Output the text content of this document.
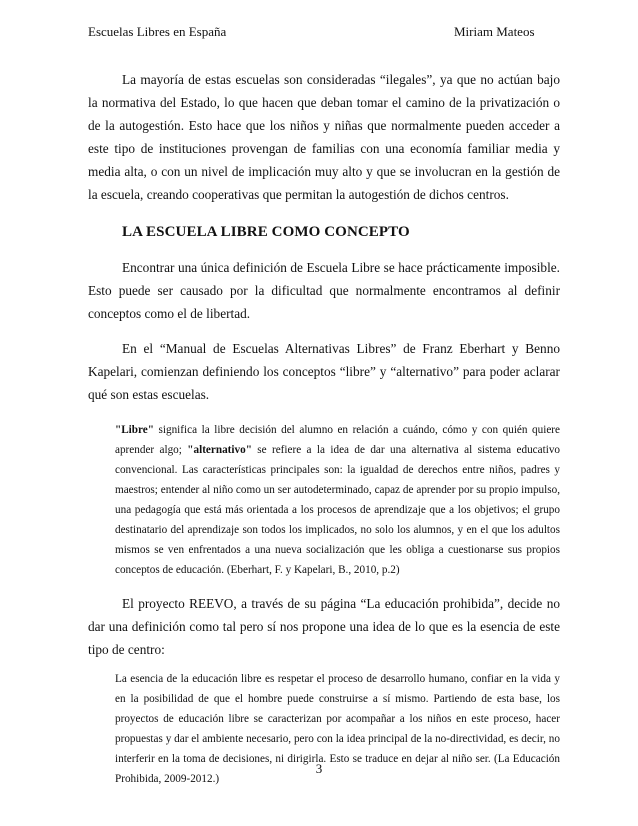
Escuelas Libres en España	Miriam Mateos

La mayoría de estas escuelas son consideradas “ilegales”, ya que no actúan bajo la normativa del Estado, lo que hacen que deban tomar el camino de la privatización o de la autogestión. Esto hace que los niños y niñas que normalmente pueden acceder a este tipo de instituciones provengan de familias con una economía familiar media y media alta, o con un nivel de implicación muy alto y que se involucran en la gestión de la escuela, creando cooperativas que permitan la autogestión de dichos centros.

LA ESCUELA LIBRE COMO CONCEPTO

Encontrar una única definición de Escuela Libre se hace prácticamente imposible. Esto puede ser causado por la dificultad que normalmente encontramos al definir conceptos como el de libertad.

En el “Manual de Escuelas Alternativas Libres” de Franz Eberhart y Benno Kapelari, comienzan definiendo los conceptos “libre” y “alternativo” para poder aclarar qué son estas escuelas.

"Libre" significa la libre decisión del alumno en relación a cuándo, cómo y con quién quiere aprender algo; "alternativo" se refiere a la idea de dar una alternativa al sistema educativo convencional. Las características principales son: la igualdad de derechos entre niños, padres y maestros; entender al niño como un ser autodeterminado, capaz de aprender por su propio impulso, una pedagogía que está más orientada a los procesos de aprendizaje que a los objetivos; el grupo destinatario del aprendizaje son todos los implicados, no solo los alumnos, y en el que los adultos mismos se ven enfrentados a una nueva socialización que les obliga a cuestionarse sus propios conceptos de educación. (Eberhart, F. y Kapelari, B., 2010, p.2)

El proyecto REEVO, a través de su página “La educación prohibida”, decide no dar una definición como tal pero sí nos propone una idea de lo que es la esencia de este tipo de centro:

La esencia de la educación libre es respetar el proceso de desarrollo humano, confiar en la vida y en la posibilidad de que el hombre puede construirse a sí mismo. Partiendo de esta base, los proyectos de educación libre se caracterizan por acompañar a los niños en este proceso, hacer propuestas y dar el ambiente necesario, pero con la idea principal de la no-directividad, es decir, no interferir en la toma de decisiones, ni dirigirla. Esto se traduce en dejar al niño ser. (La Educación Prohibida, 2009-2012.)
3
